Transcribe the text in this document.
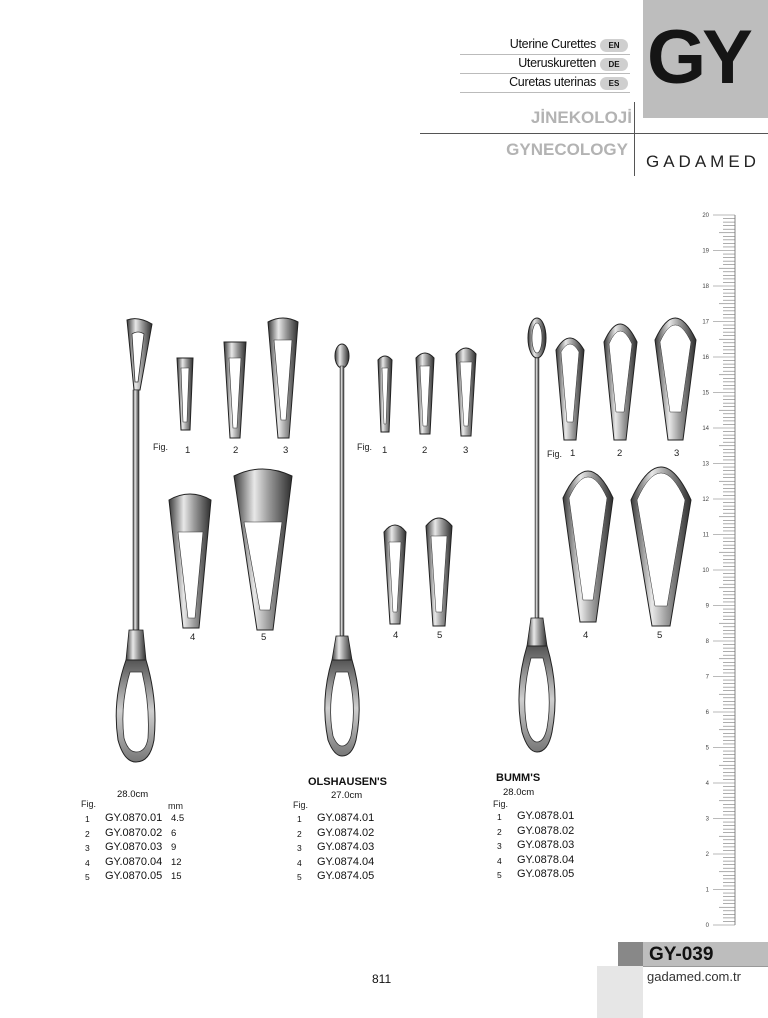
Uterine Curettes	EN
Uteruskuretten	DE
Curetas uterinas	ES GY
JİNEKOLOJİ
GYNECOLOGY
GADAMED
20
19
18
17
16
15
14
13
12
11
10
9
8
7
6
5
4
3
2
1
0
Fig. 1	2	3
4	5
Fig. 1	2	3
4	5
Fig. 1	2	3
4	5
28.0cm
Fig.	mm
1 GY.0870.01 4.5
2 GY.0870.02 6
3 GY.0870.03 9
4 GY.0870.04 12
5 GY.0870.05 15
OLSHAUSEN'S
27.0cm
Fig.
1 GY.0874.01
2 GY.0874.02
3 GY.0874.03
4 GY.0874.04
5 GY.0874.05
BUMM'S
28.0cm
Fig.
1 GY.0878.01
2 GY.0878.02
3 GY.0878.03
4 GY.0878.04
5 GY.0878.05
GY-039
gadamed.com.tr
811
